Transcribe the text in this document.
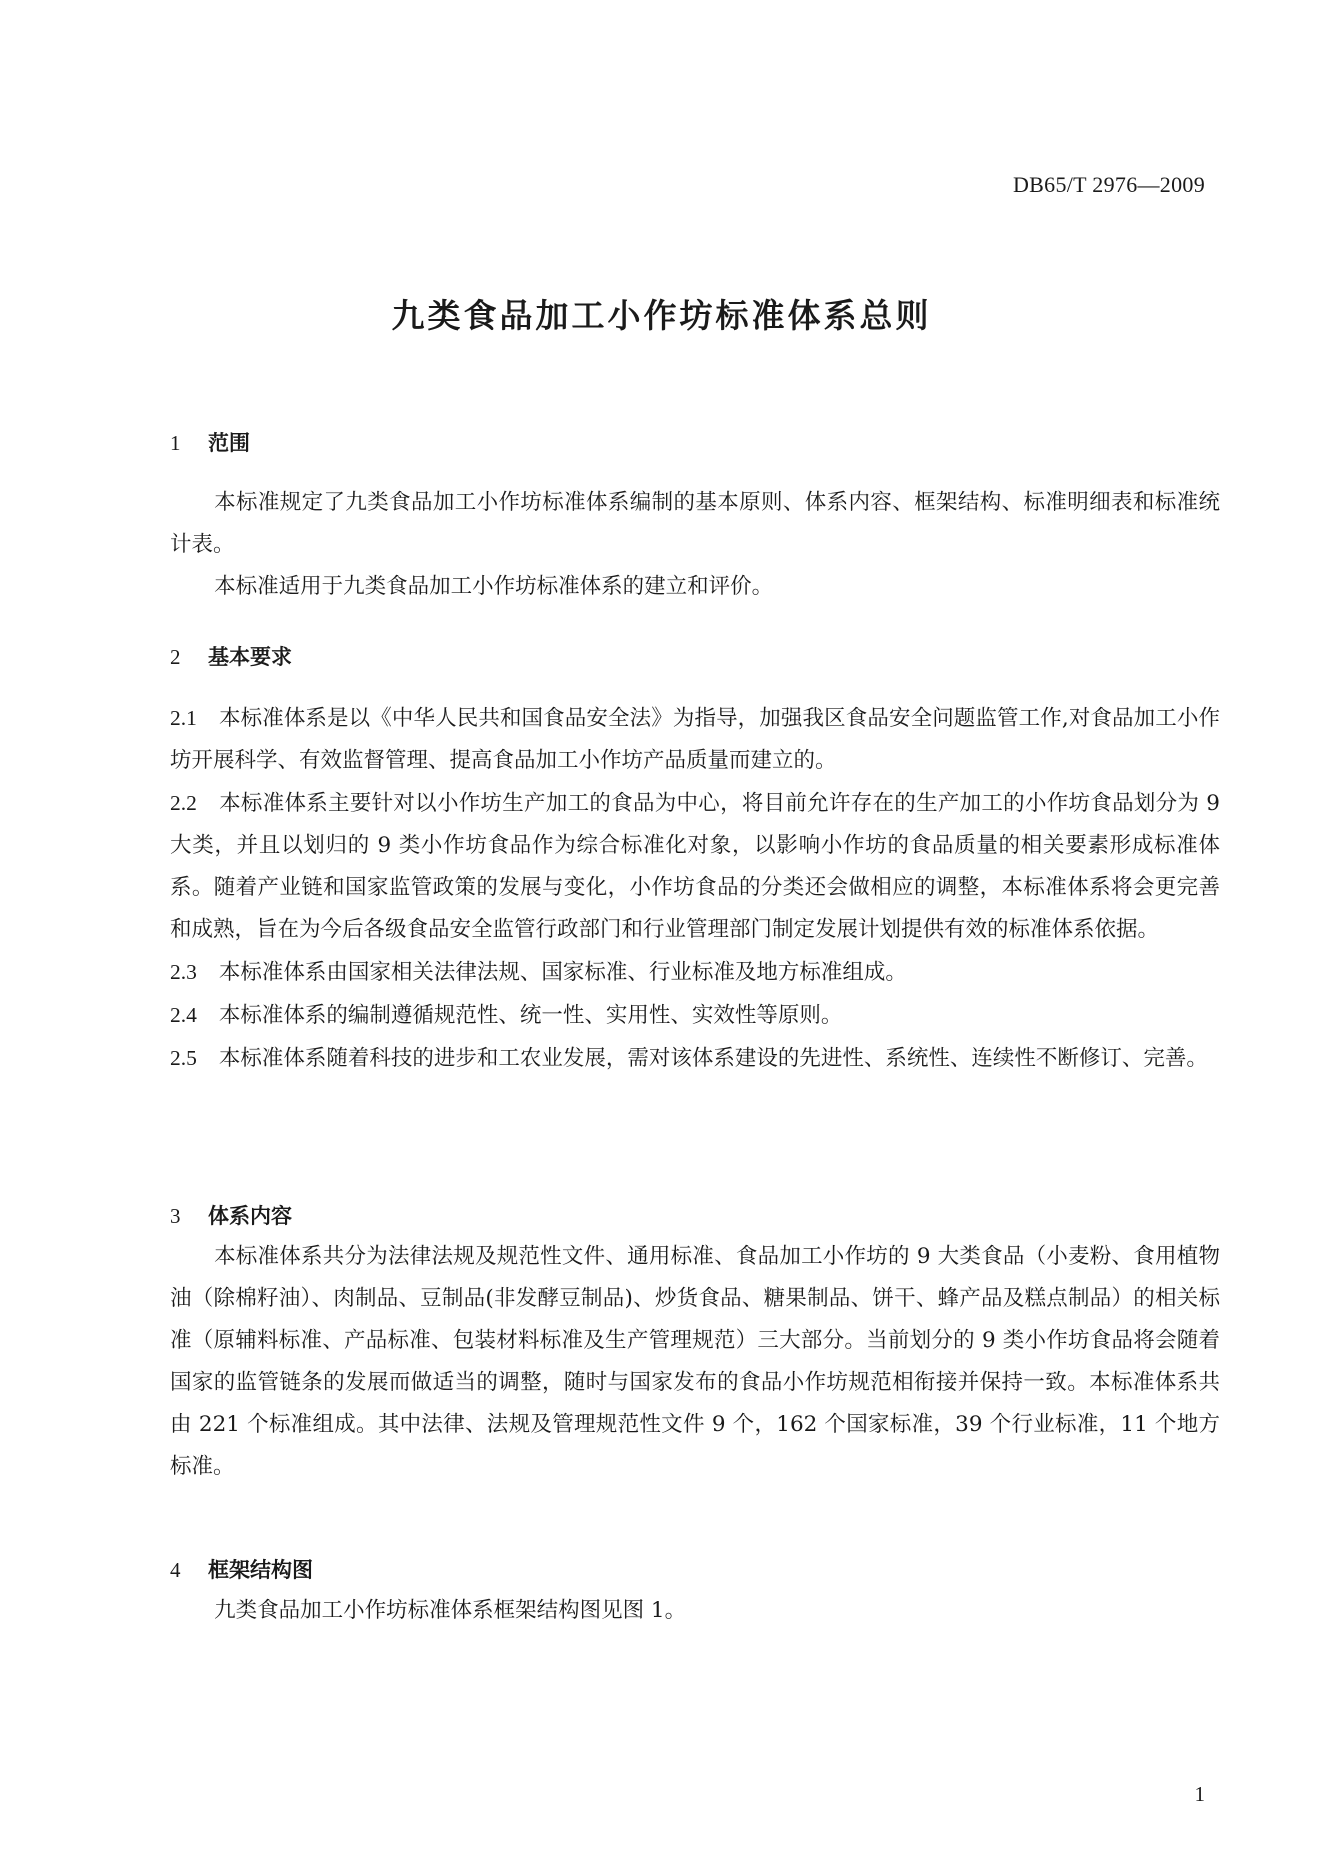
DB65/T 2976—2009
九类食品加工小作坊标准体系总则
1 范围

本标准规定了九类食品加工小作坊标准体系编制的基本原则、体系内容、框架结构、标准明细表和标准统计表。

本标准适用于九类食品加工小作坊标准体系的建立和评价。

2 基本要求

2.1 本标准体系是以《中华人民共和国食品安全法》为指导，加强我区食品安全问题监管工作,对食品加工小作坊开展科学、有效监督管理、提高食品加工小作坊产品质量而建立的。

2.2 本标准体系主要针对以小作坊生产加工的食品为中心，将目前允许存在的生产加工的小作坊食品划分为 9 大类，并且以划归的 9 类小作坊食品作为综合标准化对象，以影响小作坊的食品质量的相关要素形成标准体系。随着产业链和国家监管政策的发展与变化，小作坊食品的分类还会做相应的调整，本标准体系将会更完善和成熟，旨在为今后各级食品安全监管行政部门和行业管理部门制定发展计划提供有效的标准体系依据。

2.3 本标准体系由国家相关法律法规、国家标准、行业标准及地方标准组成。

2.4 本标准体系的编制遵循规范性、统一性、实用性、实效性等原则。

2.5 本标准体系随着科技的进步和工农业发展，需对该体系建设的先进性、系统性、连续性不断修订、完善。

3 体系内容

本标准体系共分为法律法规及规范性文件、通用标准、食品加工小作坊的 9 大类食品（小麦粉、食用植物油（除棉籽油）、肉制品、豆制品(非发酵豆制品)、炒货食品、糖果制品、饼干、蜂产品及糕点制品）的相关标准（原辅料标准、产品标准、包装材料标准及生产管理规范）三大部分。当前划分的 9 类小作坊食品将会随着国家的监管链条的发展而做适当的调整，随时与国家发布的食品小作坊规范相衔接并保持一致。本标准体系共由 221 个标准组成。其中法律、法规及管理规范性文件 9 个，162 个国家标准，39 个行业标准，11 个地方标准。

4 框架结构图

九类食品加工小作坊标准体系框架结构图见图 1。

1
